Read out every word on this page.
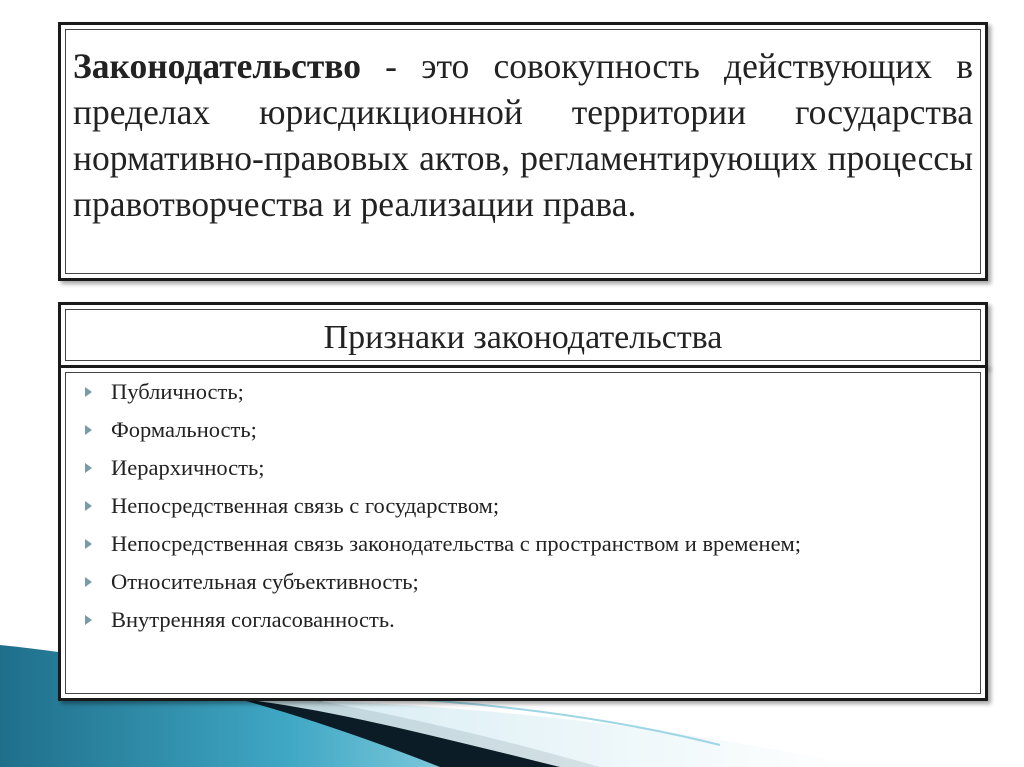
Законодательство - это совокупность действующих в пределах юрисдикционной территории государства нормативно-правовых актов, регламентирующих процессы правотворчества и реализации права.
Признаки законодательства
Публичность;
Формальность;
Иерархичность;
Непосредственная связь с государством;
Непосредственная связь законодательства с пространством и временем;
Относительная субъективность;
Внутренняя согласованность.
